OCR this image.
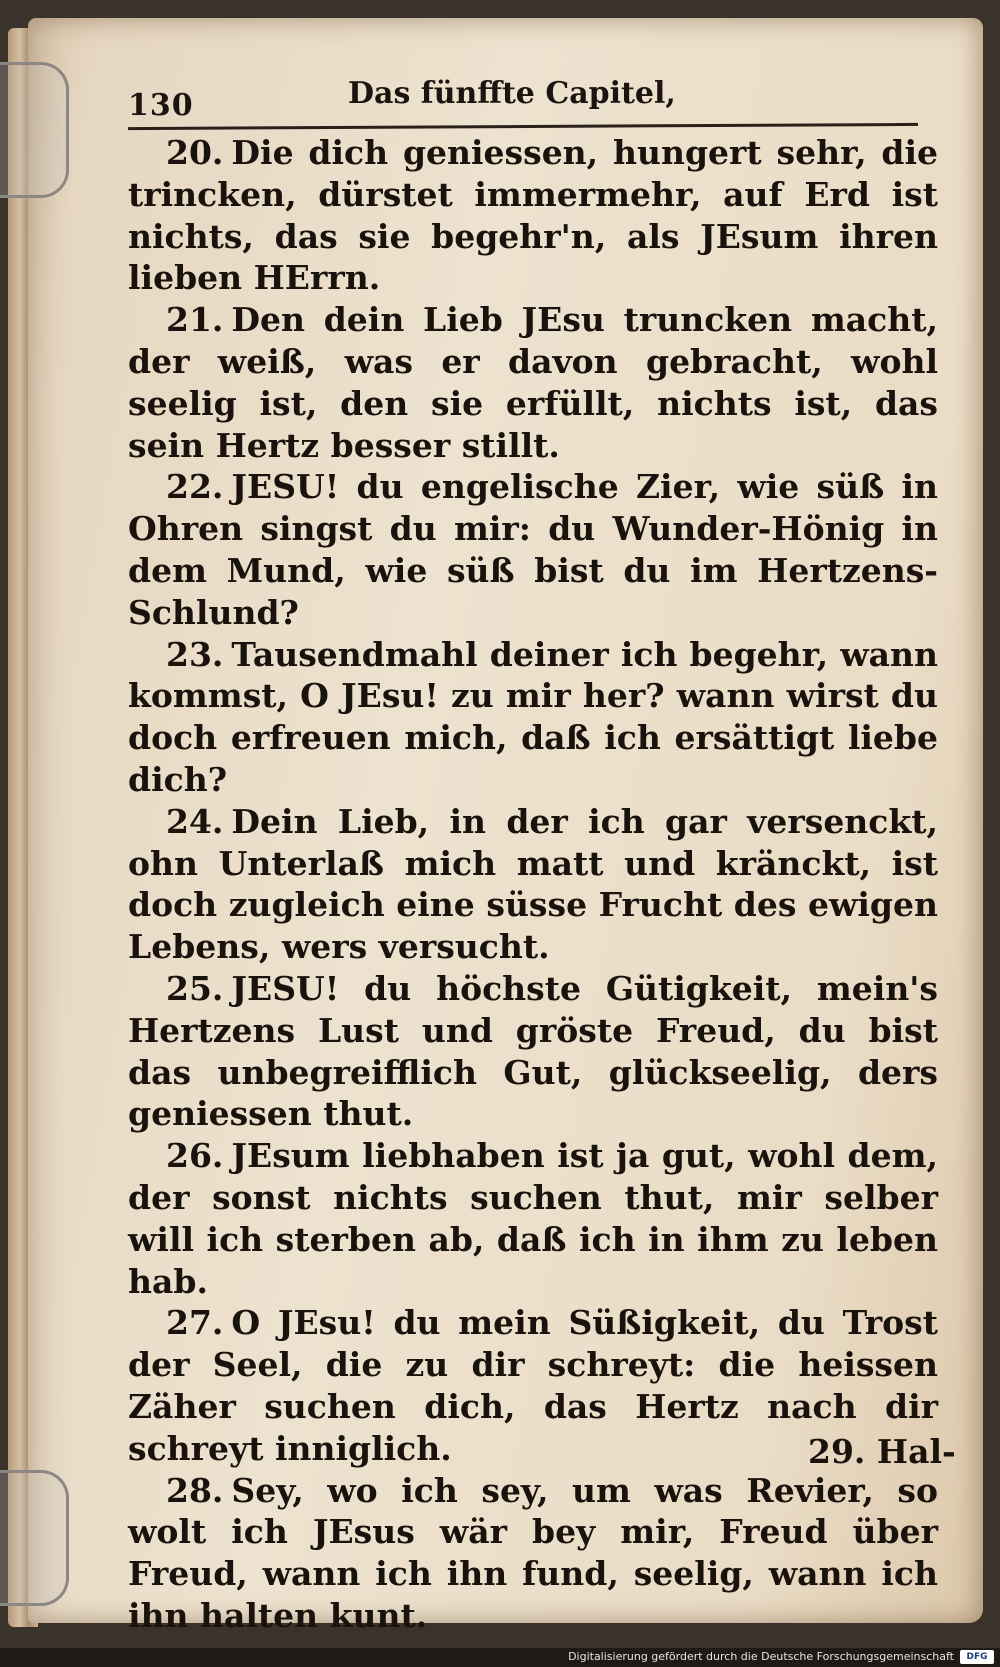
130	Das fünffte Capitel,

20. Die dich geniessen, hungert sehr, die trincken, dürstet immermehr, auf Erd ist nichts, das sie begehr'n, als JEsum ihren lieben HErrn.

21. Den dein Lieb JEsu truncken macht, der weiß, was er davon gebracht, wohl seelig ist, den sie erfüllt, nichts ist, das sein Hertz besser stillt.

22. JESU! du engelische Zier, wie süß in Ohren singst du mir: du Wunder-Hönig in dem Mund, wie süß bist du im Hertzens-Schlund?

23. Tausendmahl deiner ich begehr, wann kommst, O JEsu! zu mir her? wann wirst du doch erfreuen mich, daß ich ersättigt liebe dich?

24. Dein Lieb, in der ich gar versenckt, ohn Unterlaß mich matt und kränckt, ist doch zugleich eine süsse Frucht des ewigen Lebens, wers versucht.

25. JESU! du höchste Gütigkeit, mein's Hertzens Lust und gröste Freud, du bist das unbegreifflich Gut, glückseelig, ders geniessen thut.

26. JEsum liebhaben ist ja gut, wohl dem, der sonst nichts suchen thut, mir selber will ich sterben ab, daß ich in ihm zu leben hab.

27. O JEsu! du mein Süßigkeit, du Trost der Seel, die zu dir schreyt: die heissen Zäher suchen dich, das Hertz nach dir schreyt inniglich.

28. Sey, wo ich sey, um was Revier, so wolt ich JEsus wär bey mir, Freud über Freud, wann ich ihn fund, seelig, wann ich ihn halten kunt.

29. Hal-
Digitalisierung gefördert durch die Deutsche Forschungsgemeinschaft	DFG
